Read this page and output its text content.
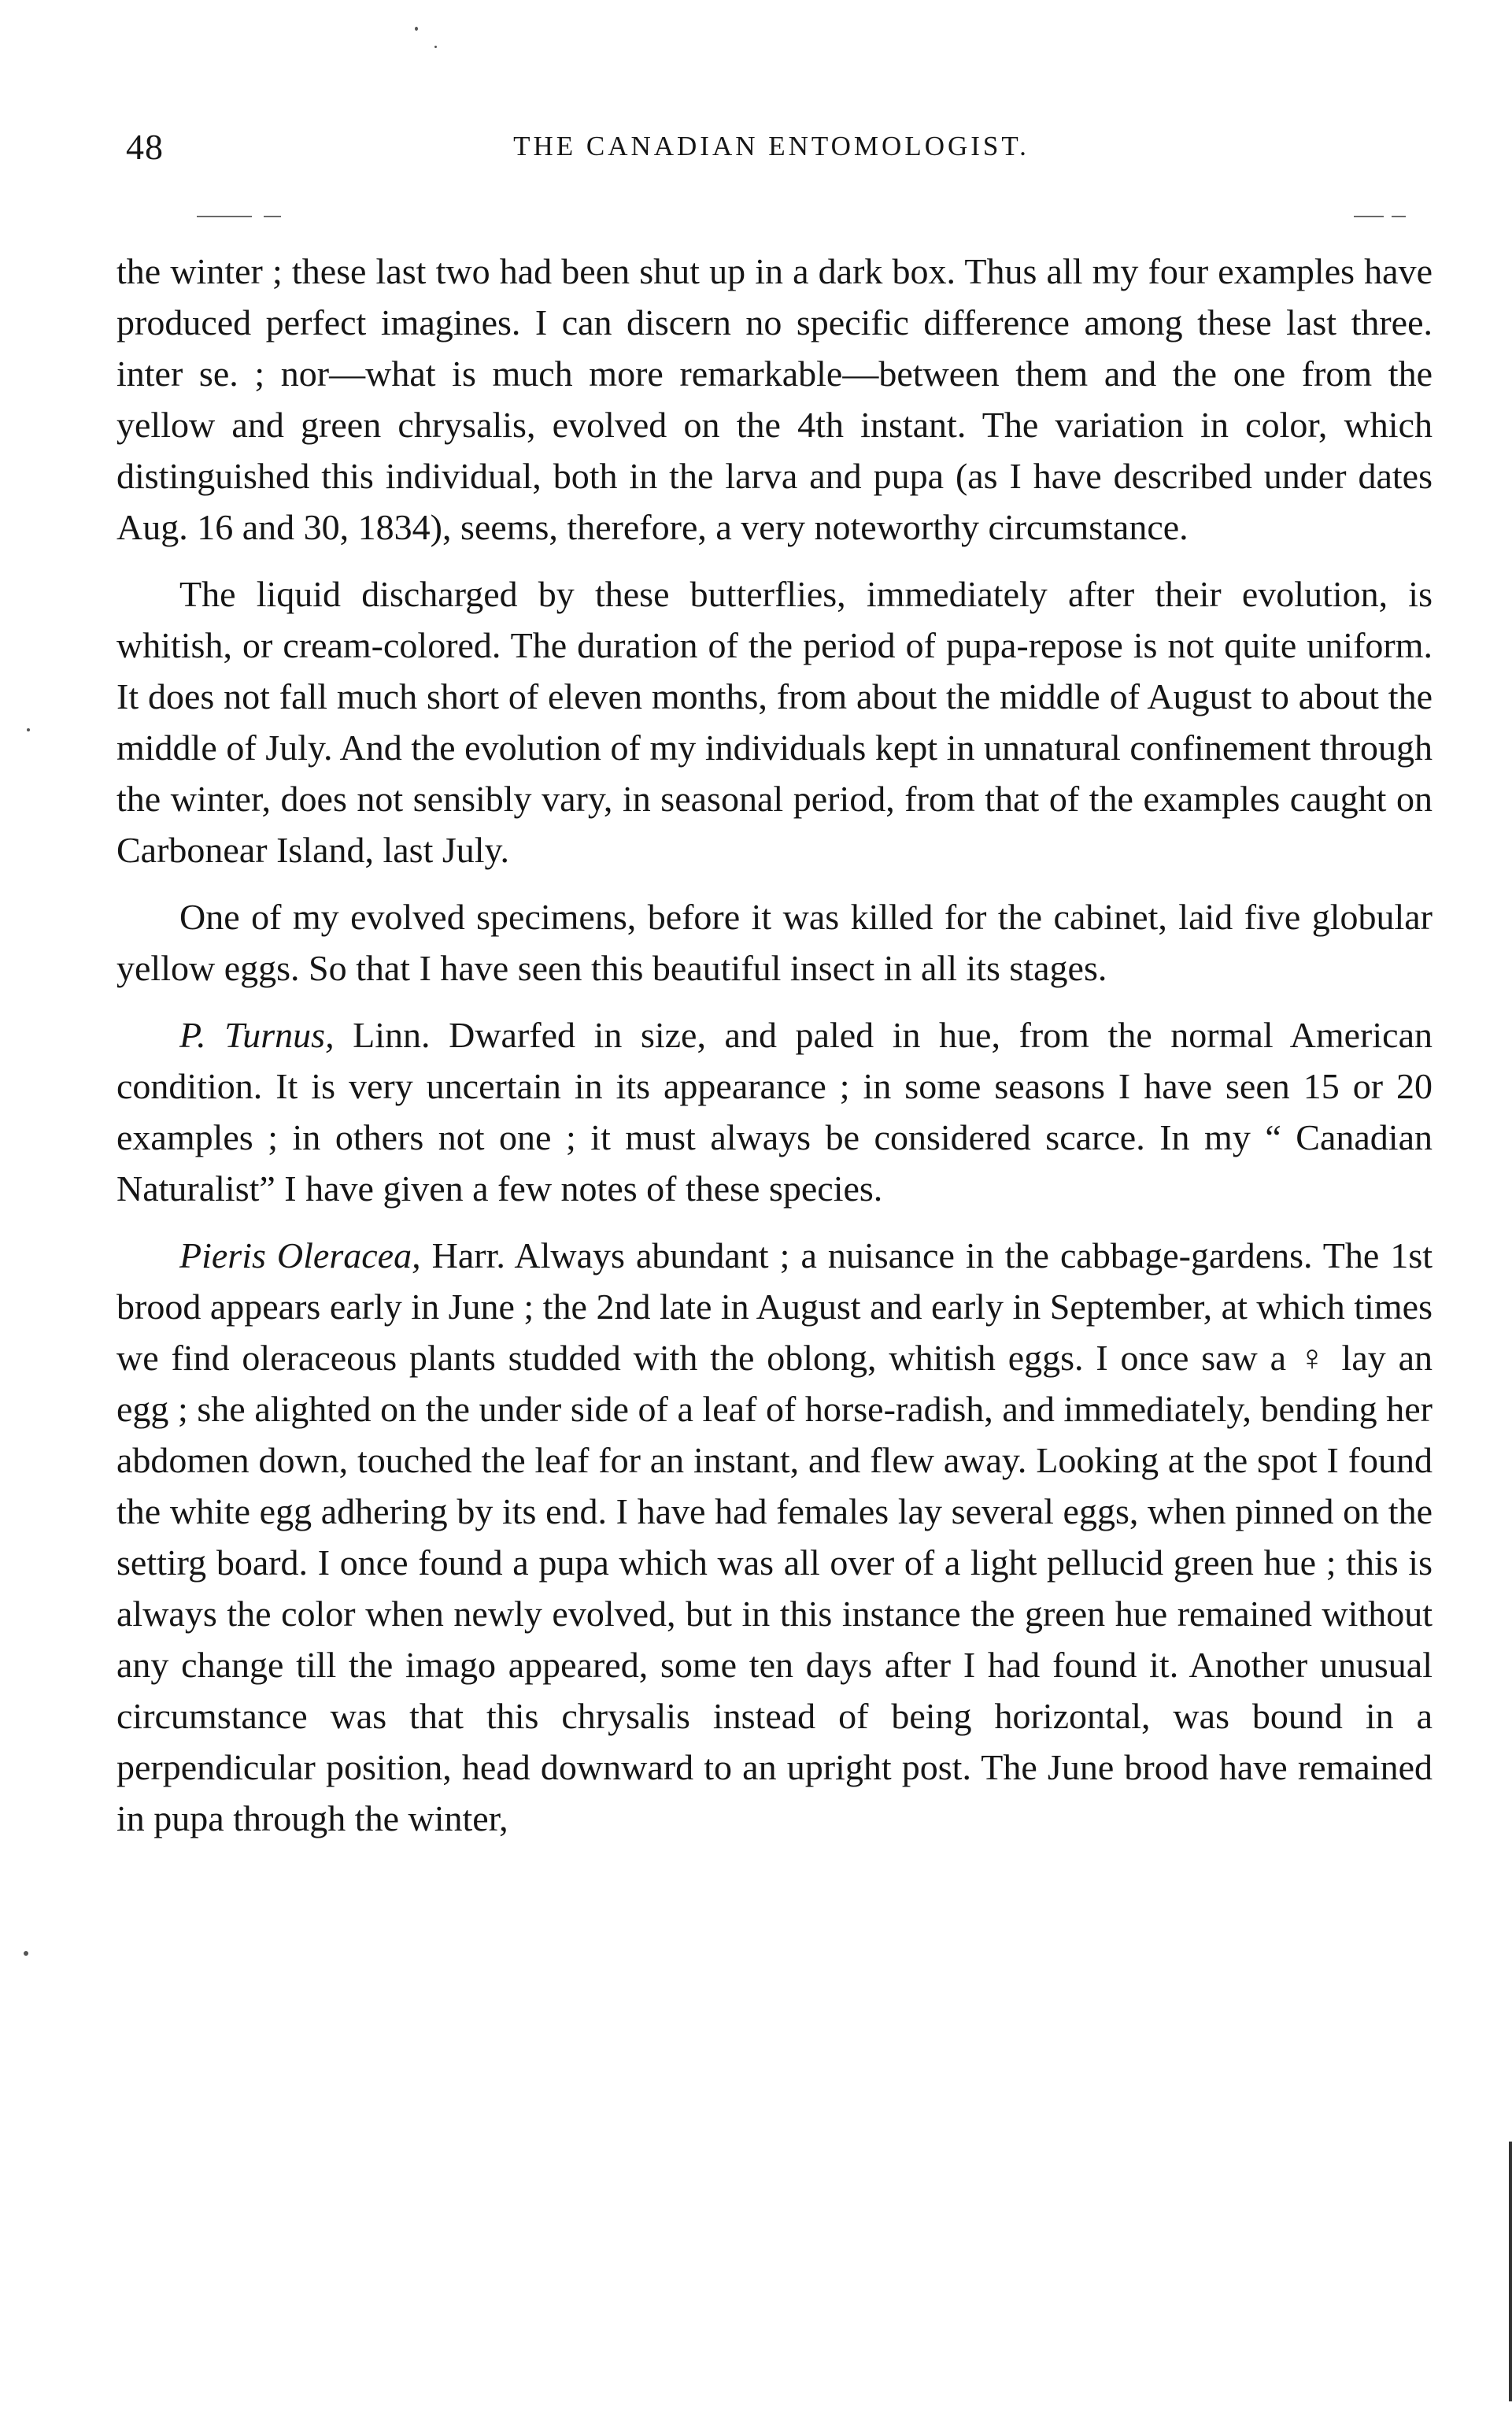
48	THE CANADIAN ENTOMOLOGIST.

the winter ; these last two had been shut up in a dark box. Thus all my four examples have produced perfect imagines. I can discern no specific difference among these last three. inter se. ; nor—what is much more remarkable—between them and the one from the yellow and green chrysalis, evolved on the 4th instant. The variation in color, which distinguished this individual, both in the larva and pupa (as I have described under dates Aug. 16 and 30, 1834), seems, therefore, a very noteworthy circumstance.

The liquid discharged by these butterflies, immediately after their evolution, is whitish, or cream-colored. The duration of the period of pupa-repose is not quite uniform. It does not fall much short of eleven months, from about the middle of August to about the middle of July. And the evolution of my individuals kept in unnatural confinement through the winter, does not sensibly vary, in seasonal period, from that of the examples caught on Carbonear Island, last July.

One of my evolved specimens, before it was killed for the cabinet, laid five globular yellow eggs. So that I have seen this beautiful insect in all its stages.

P. Turnus, Linn. Dwarfed in size, and paled in hue, from the normal American condition. It is very uncertain in its appearance ; in some seasons I have seen 15 or 20 examples ; in others not one ; it must always be considered scarce. In my “ Canadian Naturalist” I have given a few notes of these species.

Pieris Oleracea, Harr. Always abundant ; a nuisance in the cabbage-gardens. The 1st brood appears early in June ; the 2nd late in August and early in September, at which times we find oleraceous plants studded with the oblong, whitish eggs. I once saw a ♀ lay an egg ; she alighted on the under side of a leaf of horse-radish, and immediately, bending her abdomen down, touched the leaf for an instant, and flew away. Looking at the spot I found the white egg adhering by its end. I have had females lay several eggs, when pinned on the settirg board. I once found a pupa which was all over of a light pellucid green hue ; this is always the color when newly evolved, but in this instance the green hue remained without any change till the imago appeared, some ten days after I had found it. Another unusual circumstance was that this chrysalis instead of being horizontal, was bound in a perpendicular position, head downward to an upright post. The June brood have remained in pupa through the winter,
